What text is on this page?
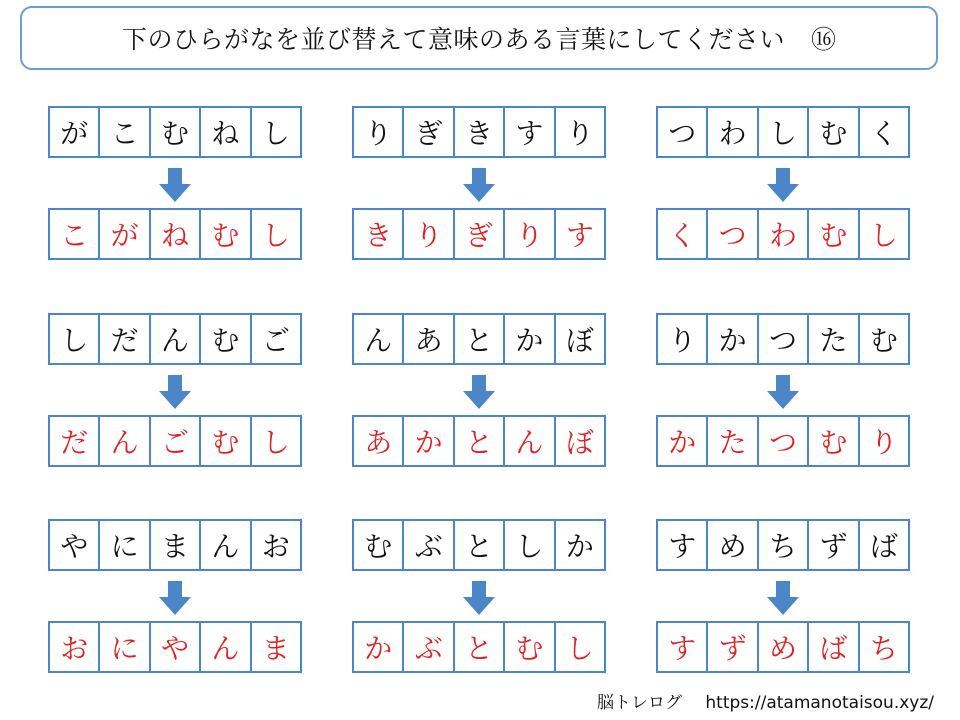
下のひらがなを並び替えて意味のある言葉にしてください ⑯
が こ む ね し
こ が ね む し
り ぎ き す り
き り ぎ り す
つ わ し む く
く つ わ む し
し だ ん む ご
だ ん ご む し
ん あ と か ぼ
あ か と ん ぼ
り か つ た む
か た つ む り
や に ま ん お
お に や ん ま
む ぶ と し か
か ぶ と む し
す め ち ず ば
す ず め ば ち
脳トレログ https://atamanotaisou.xyz/
